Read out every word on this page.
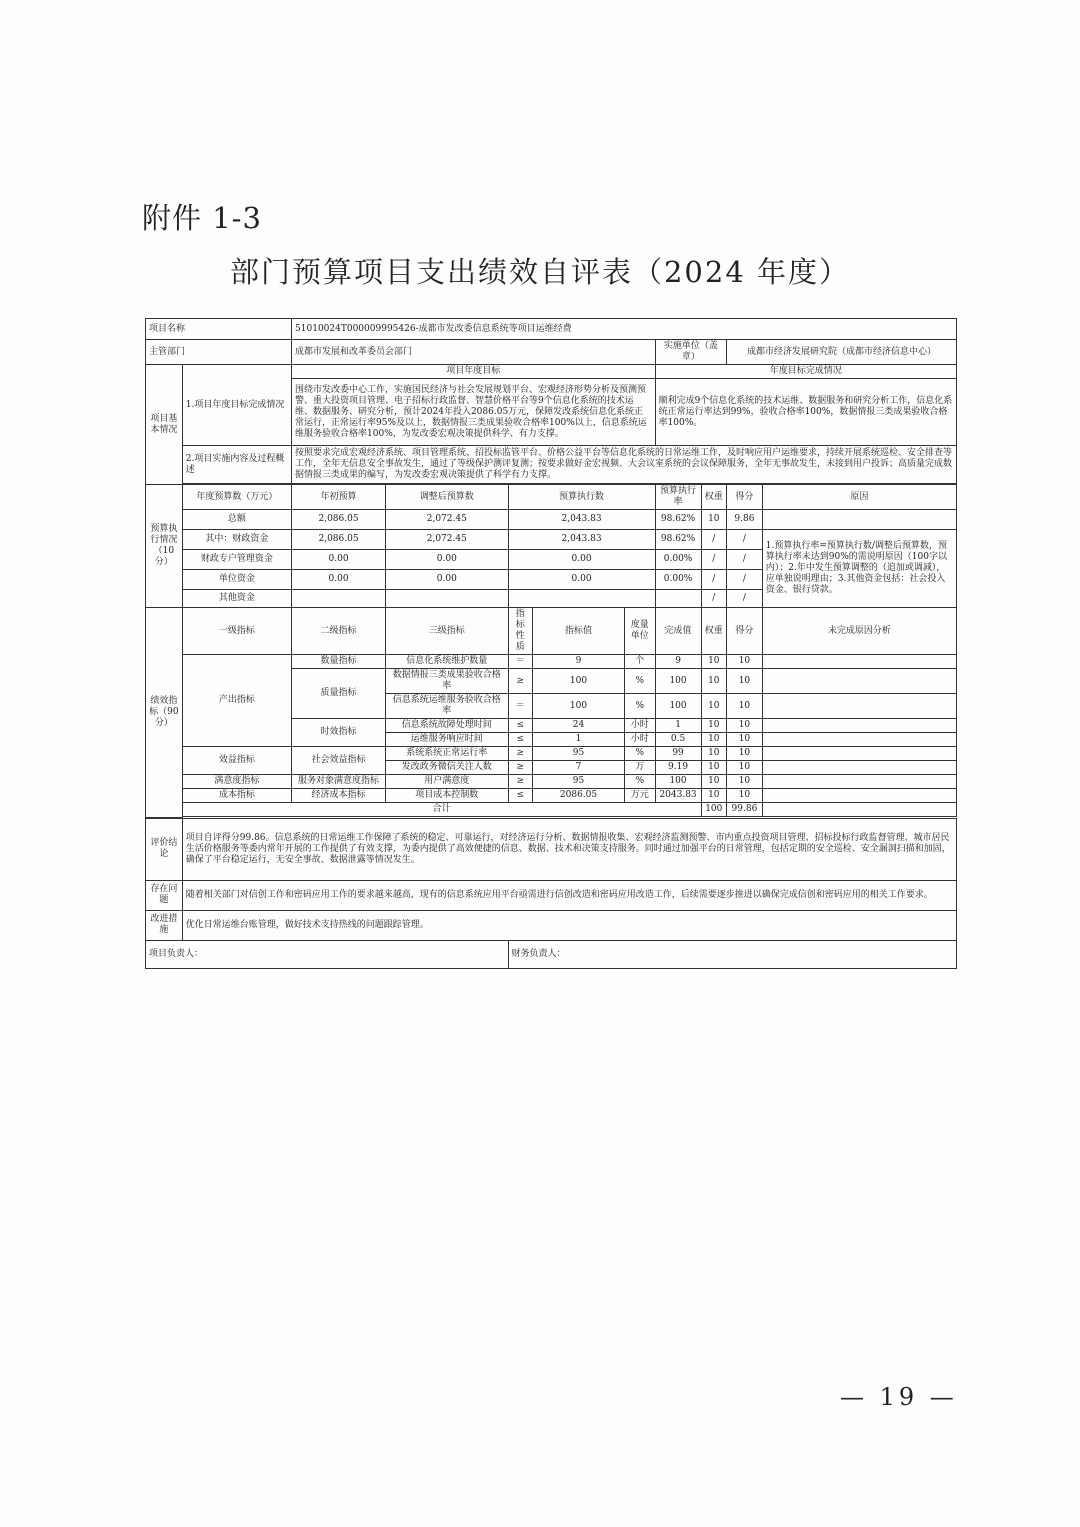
附件 1-3
部门预算项目支出绩效自评表（2024 年度）
项目名称		51010024T000009995426-成都市发改委信息系统等项目运维经费								
主管部门		成都市发展和改革委员会部门					实施单位（盖章）		成都市经济发展研究院（成都市经济信息中心）	
项目基本情况	1.项目年度目标完成情况	项目年度目标					年度目标完成情况			
		围绕市发改委中心工作，实施国民经济与社会发展规划平台、宏观经济形势分析及预测预警、重大投资项目管理、电子招标行政监督、智慧价格平台等9个信息化系统的技术运维、数据服务、研究分析，预计2024年投入2086.05万元，保障发改系统信息化系统正常运行，正常运行率95%及以上，数据情报三类成果验收合格率100%以上，信息系统运维服务验收合格率100%，为发改委宏观决策提供科学、有力支撑。					顺利完成9个信息化系统的技术运维、数据服务和研究分析工作，信息化系统正常运行率达到99%，验收合格率100%，数据情报三类成果验收合格率100%。			
	2.项目实施内容及过程概述	按照要求完成宏观经济系统、项目管理系统、招投标监管平台、价格公益平台等信息化系统的日常运维工作，及时响应用户运维要求，持续开展系统巡检、安全排查等工作，全年无信息安全事故发生，通过了等级保护测评复测；按要求做好金宏视频、大会议室系统的会议保障服务，全年无事故发生，未接到用户投诉；高质量完成数据情报三类成果的编写，为发改委宏观决策提供了科学有力支撑。								

预算执行情况（10分）	年度预算数（万元）	年初预算	调整后预算数	预算执行数			预算执行率	权重	得分	原因
	总额	2,086.05	2,072.45	2,043.83			98.62%	10	9.86	
	其中：财政资金	2,086.05	2,072.45	2,043.83			98.62%	/	/	1.预算执行率=预算执行数/调整后预算数，预算执行率未达到90%的需说明原因（100字以内）；2.年中发生预算调整的（追加或调减），应单独说明理由；3.其他资金包括：社会投入资金、银行贷款。
	财政专户管理资金	0.00	0.00	0.00			0.00%	/	/	
	单位资金	0.00	0.00	0.00			0.00%	/	/	
	其他资金							/	/	
绩效指标（90分）	一级指标	二级指标	三级指标	指标性质	指标值	度量单位	完成值	权重	得分	未完成原因分析
	产出指标	数量指标	信息化系统维护数量	＝	9	个	9	10	10	
		质量指标	数据情报三类成果验收合格率	≥	100	%	100	10	10	
			信息系统运维服务验收合格率	＝	100	%	100	10	10	
		时效指标	信息系统故障处理时间	≤	24	小时	1	10	10	
			运维服务响应时间	≤	1	小时	0.5	10	10	
	效益指标	社会效益指标	系统系统正常运行率	≥	95	%	99	10	10	
			发改政务微信关注人数	≥	7	万	9.19	10	10	
	满意度指标	服务对象满意度指标	用户满意度	≥	95	%	100	10	10	
	成本指标	经济成本指标	项目成本控制数	≤	2086.05	万元	2043.83	10	10	
	合计							100	99.86	

评价结论	项目自评得分99.86。信息系统的日常运维工作保障了系统的稳定、可靠运行，对经济运行分析、数据情报收集、宏观经济监测预警、市内重点投资项目管理、招标投标行政监督管理、城市居民生活价格服务等委内常年开展的工作提供了有效支撑，为委内提供了高效便捷的信息、数据、技术和决策支持服务。同时通过加强平台的日常管理，包括定期的安全巡检、安全漏洞扫描和加固，确保了平台稳定运行，无安全事故、数据泄露等情况发生。									
存在问题	随着相关部门对信创工作和密码应用工作的要求越来越高，现有的信息系统应用平台亟需进行信创改造和密码应用改造工作，后续需要逐步推进以确保完成信创和密码应用的相关工作要求。									
改进措施	优化日常运维台账管理，做好技术支持热线的问题跟踪管理。									
项目负责人：				财务负责人：						
— 19 —
